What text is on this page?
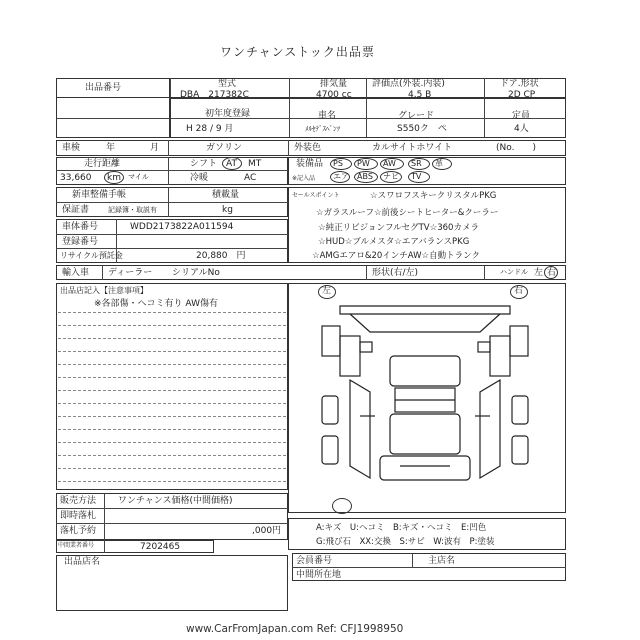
ワンチャンストック出品票
出品番号	型式
DBA　217382C
排気量
4700 cc
評価点(外装.内装)
4.5 B
ドア.形状
2D CP
初年度登録
H 28 / 9 月
車名
ﾒﾙｾﾃﾞｽﾍﾞﾝﾂ
グレード
S550ク　ペ
定員
4人
車検	年	月	ガソリン	外装色	カルサイトホワイト	(No.　　)
走行距離
33,660 km マイル
シフト AT MT
冷暖	AC
装備品
※記入品
PS PW AW SR 革
エア ABS ナビ TV
新車整備手帳
保証書	記録簿・取説有
積載量
kg
車体番号	WDD2173822A011594
登録番号
リサイクル預託金	20,880　円
セールスポイント	☆スワロフスキークリスタルPKG
☆ガラスルーフ☆前後シートヒーター&クーラー
☆純正リビジョンフルセグTV☆360カメラ
☆HUD☆ブルメスタ☆エアバランスPKG
☆AMGエアロ&20インチAW☆自動トランク
輸入車 ディーラー シリアルNo	形状(右/左)	ハンドル 左 右
出品店記入【注意事項】
※各部傷・ヘコミ有り AW傷有
左	右
販売方法 ワンチャンス価格(中間価格)
即時落札
落札予約	,000円
中間業者番号	7202465
A:キズ　U:ヘコミ　B:キズ・ヘコミ　E:凹色
G:飛び石　XX:交換　S:サビ　W:波有　P:塗装
出品店名	会員番号	主店名
中間所在地
www.CarFromJapan.com Ref: CFJ1998950
